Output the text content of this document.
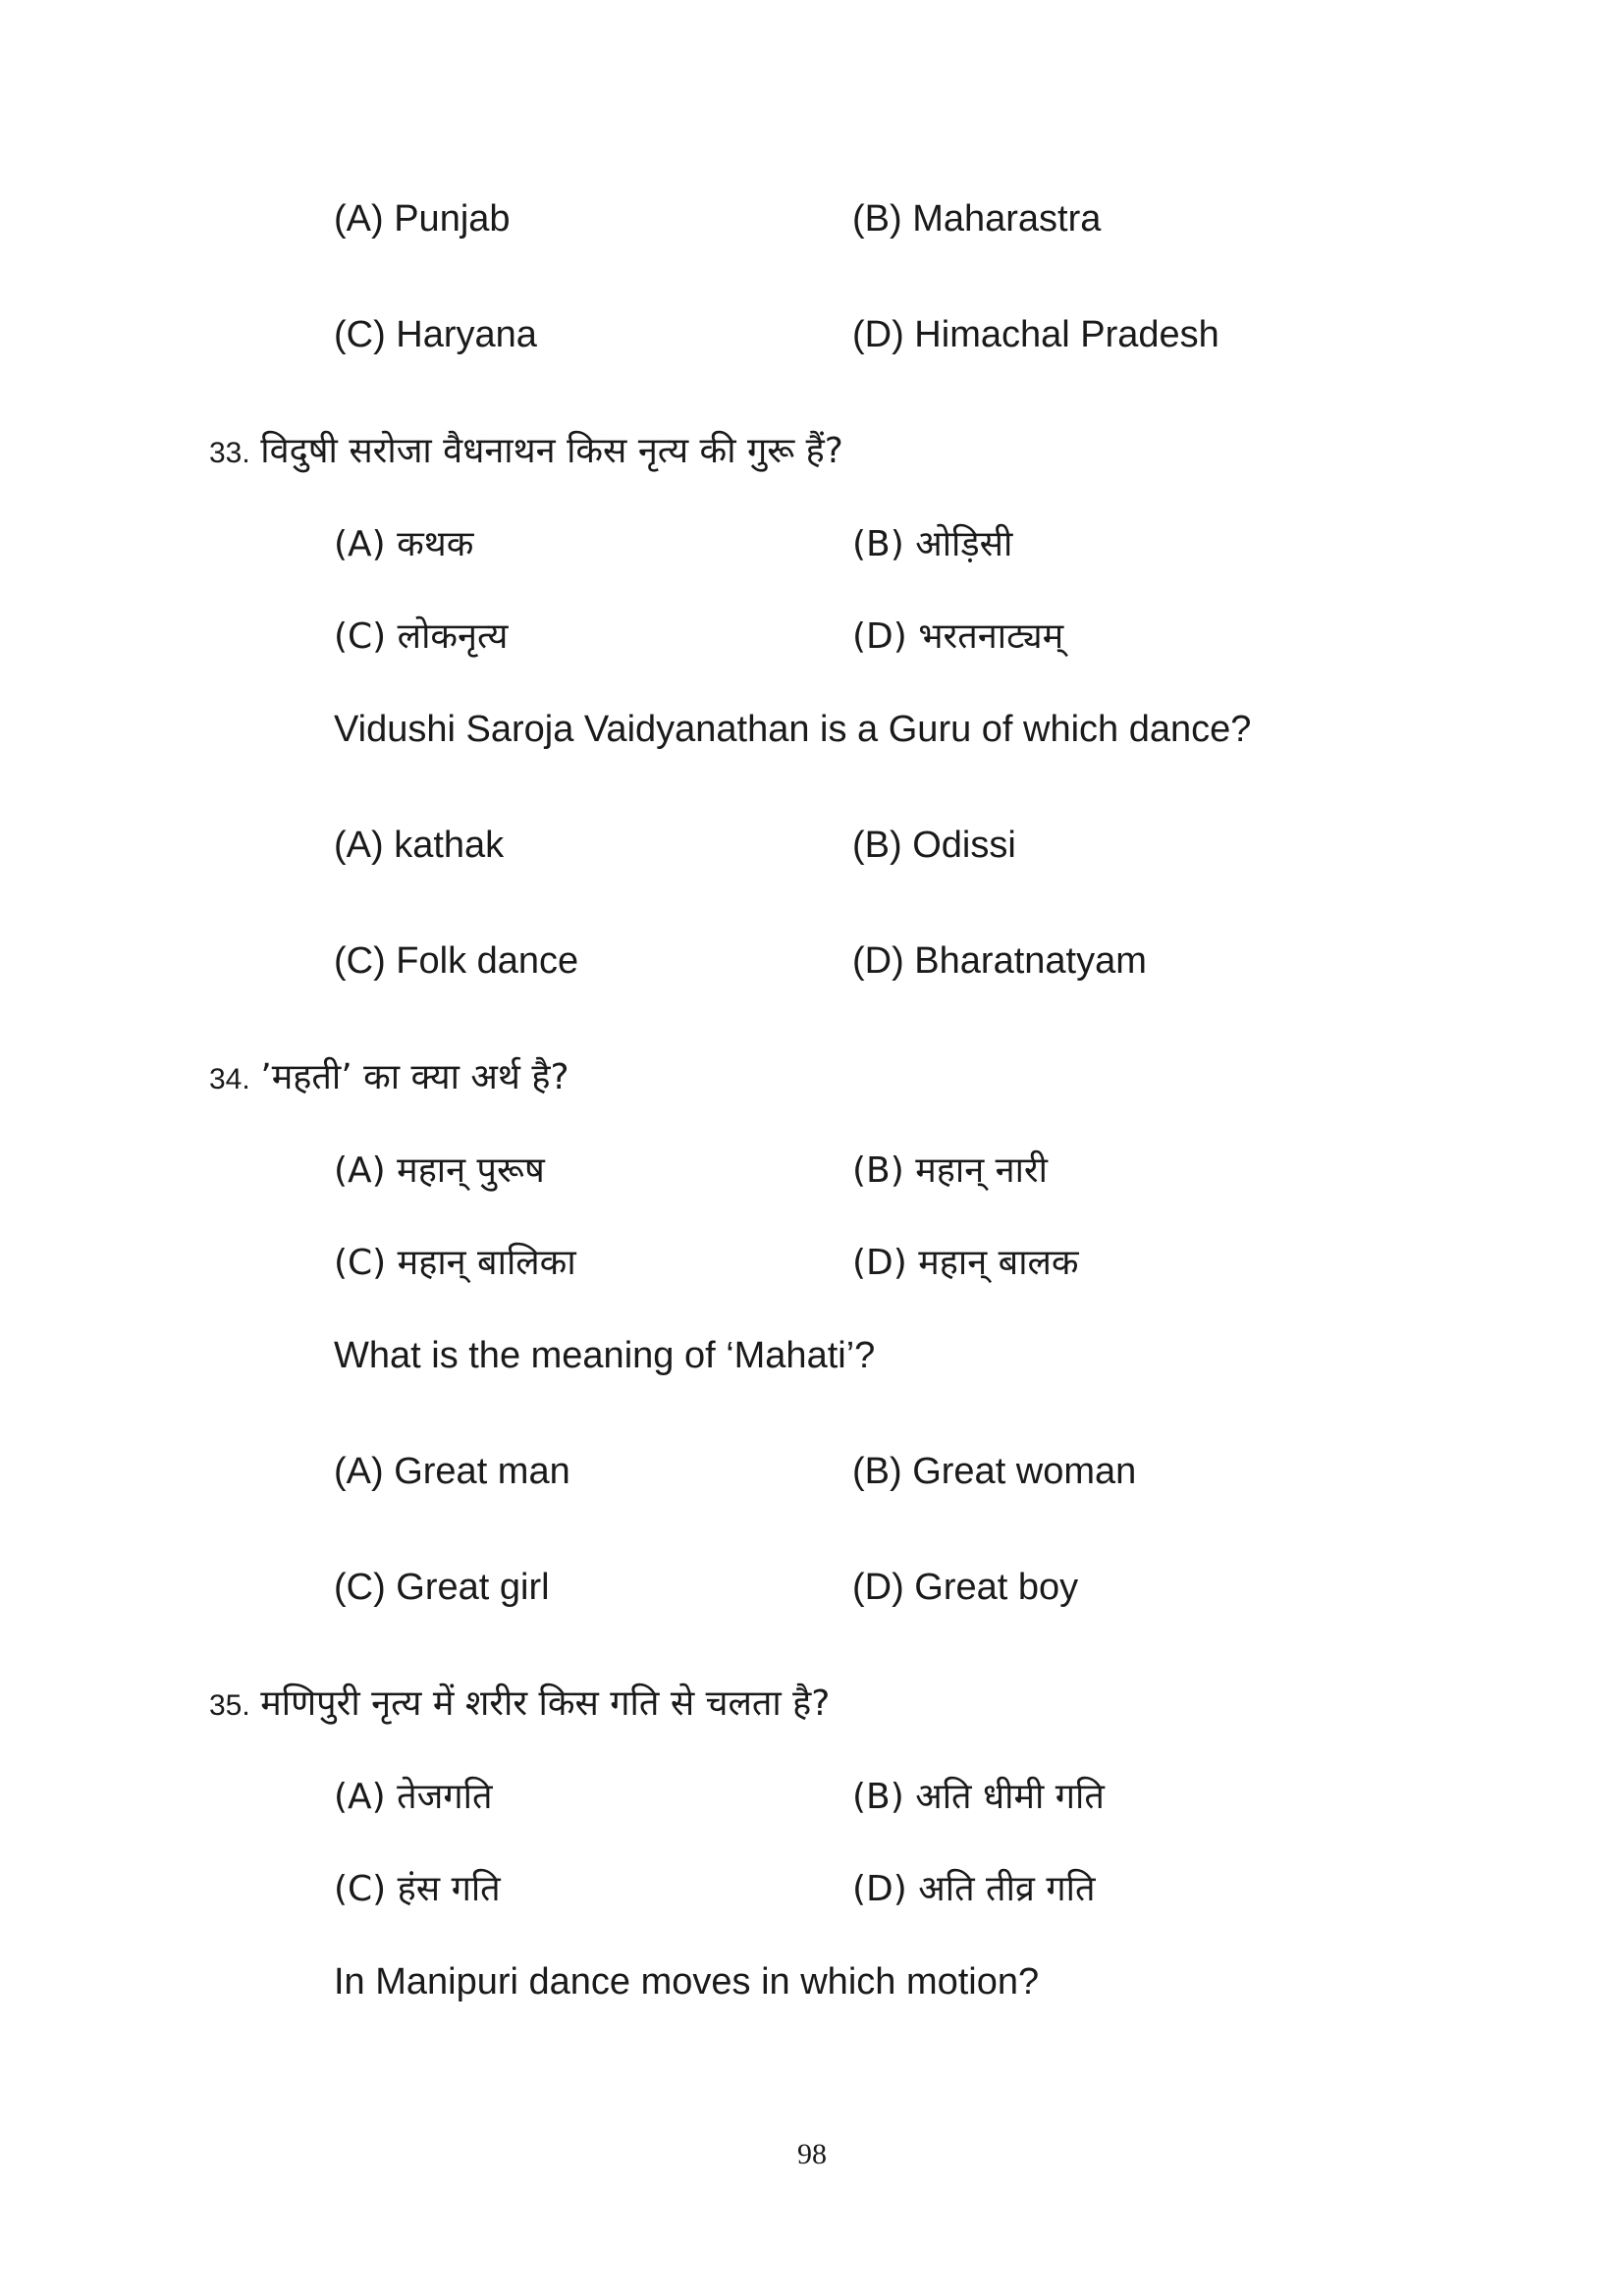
(A) Punjab	(B) Maharastra
(C) Haryana	(D) Himachal Pradesh
33. विदुषी सरोजा वैधनाथन किस नृत्य की गुरू हैं?
(A) कथक	(B) ओड़िसी
(C) लोकनृत्य	(D) भरतनाट्यम्
Vidushi Saroja Vaidyanathan is a Guru of which dance?
(A) kathak	(B) Odissi
(C) Folk dance	(D) Bharatnatyam
34. ’महती’ का क्या अर्थ है?
(A) महान् पुरूष	(B) महान् नारी
(C) महान् बालिका	(D) महान् बालक
What is the meaning of ‘Mahati’?
(A) Great man	(B) Great woman
(C) Great girl	(D) Great boy
35. मणिपुरी नृत्य में शरीर किस गति से चलता है?
(A) तेजगति	(B) अति धीमी गति
(C) हंस गति	(D) अति तीव्र गति
In Manipuri dance moves in which motion?
98
